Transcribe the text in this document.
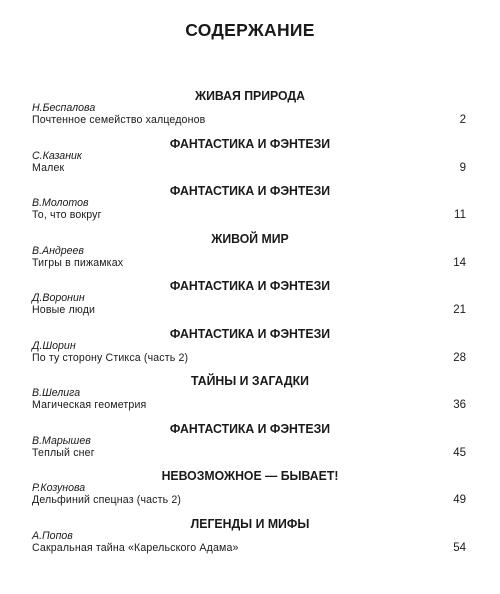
СОДЕРЖАНИЕ
ЖИВАЯ ПРИРОДА
Н.Беспалова
Почтенное семейство халцедонов	2
ФАНТАСТИКА И ФЭНТЕЗИ
С.Казаник
Малек	9
ФАНТАСТИКА И ФЭНТЕЗИ
В.Молотов
То, что вокруг	11
ЖИВОЙ МИР
В.Андреев
Тигры в пижамках	14
ФАНТАСТИКА И ФЭНТЕЗИ
Д.Воронин
Новые люди	21
ФАНТАСТИКА И ФЭНТЕЗИ
Д.Шорин
По ту сторону Стикса (часть 2)	28
ТАЙНЫ И ЗАГАДКИ
В.Шелига
Магическая геометрия	36
ФАНТАСТИКА И ФЭНТЕЗИ
В.Марышев
Теплый снег	45
НЕВОЗМОЖНОЕ — БЫВАЕТ!
Р.Козунова
Дельфиний спецназ (часть 2)	49
ЛЕГЕНДЫ И МИФЫ
А.Попов
Сакральная тайна «Карельского Адама»	54
